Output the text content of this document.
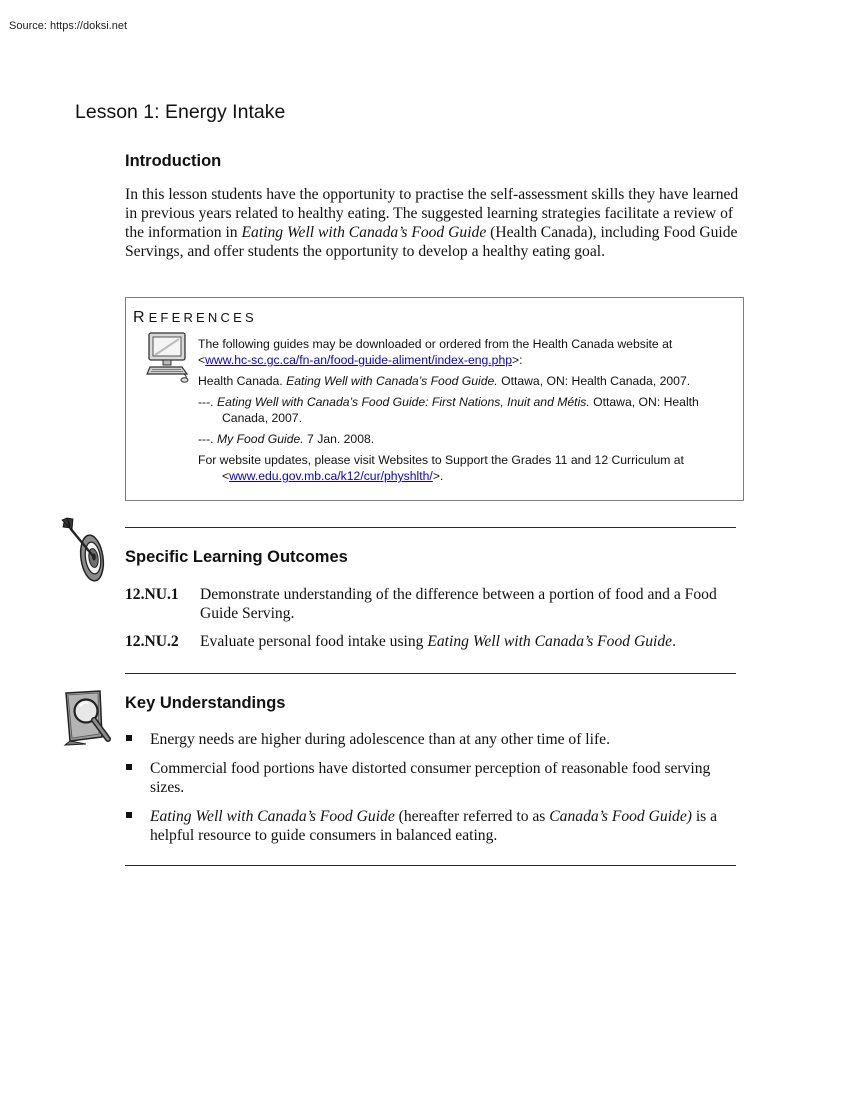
Source: https://doksi.net
Lesson 1: Energy Intake
Introduction

In this lesson students have the opportunity to practise the self-assessment skills they have learned in previous years related to healthy eating. The suggested learning strategies facilitate a review of the information in Eating Well with Canada’s Food Guide (Health Canada), including Food Guide Servings, and offer students the opportunity to develop a healthy eating goal.

REFERENCES

The following guides may be downloaded or ordered from the Health Canada website at
<www.hc-sc.gc.ca/fn-an/food-guide-aliment/index-eng.php>:

Health Canada. Eating Well with Canada’s Food Guide. Ottawa, ON: Health Canada, 2007.

---. Eating Well with Canada’s Food Guide: First Nations, Inuit and Métis. Ottawa, ON: Health Canada, 2007.

---. My Food Guide. 7 Jan. 2008.

For website updates, please visit Websites to Support the Grades 11 and 12 Curriculum at
<www.edu.gov.mb.ca/k12/cur/physhlth/>.

Specific Learning Outcomes
12.NU.1	Demonstrate understanding of the difference between a portion of food and a Food Guide Serving.
12.NU.2	Evaluate personal food intake using Eating Well with Canada’s Food Guide.
Key Understandings
Energy needs are higher during adolescence than at any other time of life.
Commercial food portions have distorted consumer perception of reasonable food serving sizes.
Eating Well with Canada’s Food Guide (hereafter referred to as Canada’s Food Guide) is a helpful resource to guide consumers in balanced eating.
